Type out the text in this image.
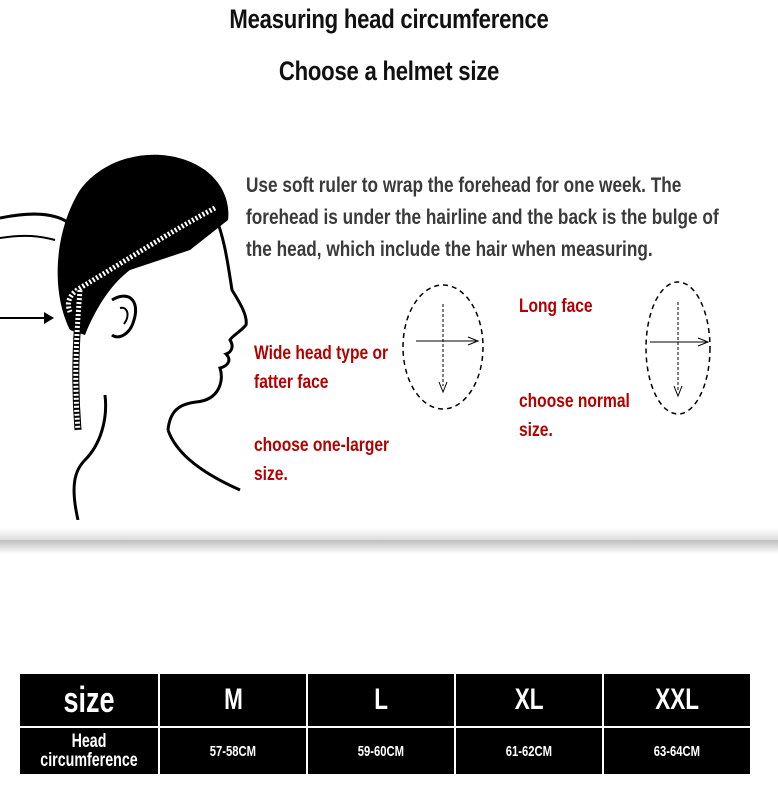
Measuring head circumference
Choose a helmet size
Use soft ruler to wrap the forehead for one week. The
forehead is under the hairline and the back is the bulge of
the head, which include the hair when measuring.
Wide head type or
fatter face
choose one-larger
size.
Long face
choose normal
size.
size	M	L	XL	XXL

Head
circumference	57-58CM	59-60CM	61-62CM	63-64CM
